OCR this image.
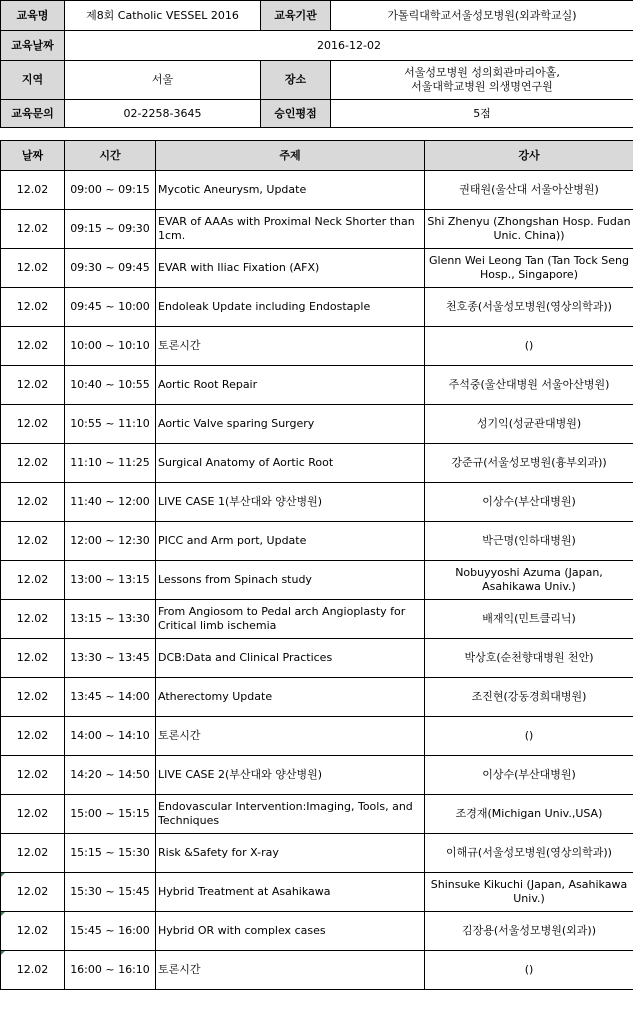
교육명	제8회 Catholic VESSEL 2016	교육기관	가톨릭대학교서울성모병원(외과학교실)
교육날짜	2016-12-02		
지역	서울	장소	서울성모병원 성의회관마리아홀,
서울대학교병원 의생명연구원

교육문의	02-2258-3645	승인평점	5점
날짜	시간	주제	강사
12.02	09:00 ~ 09:15	Mycotic Aneurysm, Update	권태원(울산대 서울아산병원)
12.02	09:15 ~ 09:30	EVAR of AAAs with Proximal Neck Shorter than 1cm.	Shi Zhenyu (Zhongshan Hosp. Fudan Unic. China))
12.02	09:30 ~ 09:45	EVAR with Iliac Fixation (AFX)	Glenn Wei Leong Tan (Tan Tock Seng Hosp., Singapore)
12.02	09:45 ~ 10:00	Endoleak Update including Endostaple	천호종(서울성모병원(영상의학과))
12.02	10:00 ~ 10:10	토론시간	()
12.02	10:40 ~ 10:55	Aortic Root Repair	주석중(울산대병원 서울아산병원)
12.02	10:55 ~ 11:10	Aortic Valve sparing Surgery	성기익(성균관대병원)
12.02	11:10 ~ 11:25	Surgical Anatomy of Aortic Root	강준규(서울성모병원(흉부외과))
12.02	11:40 ~ 12:00	LIVE CASE 1(부산대와 양산병원)	이상수(부산대병원)
12.02	12:00 ~ 12:30	PICC and Arm port, Update	박근명(인하대병원)
12.02	13:00 ~ 13:15	Lessons from Spinach study	Nobuyyoshi Azuma (Japan, Asahikawa Univ.)
12.02	13:15 ~ 13:30	From Angiosom to Pedal arch Angioplasty for Critical limb ischemia	배재익(민트클리닉)
12.02	13:30 ~ 13:45	DCB:Data and Clinical Practices	박상호(순천향대병원 천안)
12.02	13:45 ~ 14:00	Atherectomy Update	조진현(강동경희대병원)
12.02	14:00 ~ 14:10	토론시간	()
12.02	14:20 ~ 14:50	LIVE CASE 2(부산대와 양산병원)	이상수(부산대병원)
12.02	15:00 ~ 15:15	Endovascular Intervention:Imaging, Tools, and Techniques	조경재(Michigan Univ.,USA)
12.02	15:15 ~ 15:30	Risk &Safety for X-ray	이해규(서울성모병원(영상의학과))
12.02	15:30 ~ 15:45	Hybrid Treatment at Asahikawa	Shinsuke Kikuchi (Japan, Asahikawa Univ.)
12.02	15:45 ~ 16:00	Hybrid OR with complex cases	김장용(서울성모병원(외과))
12.02	16:00 ~ 16:10	토론시간	()
